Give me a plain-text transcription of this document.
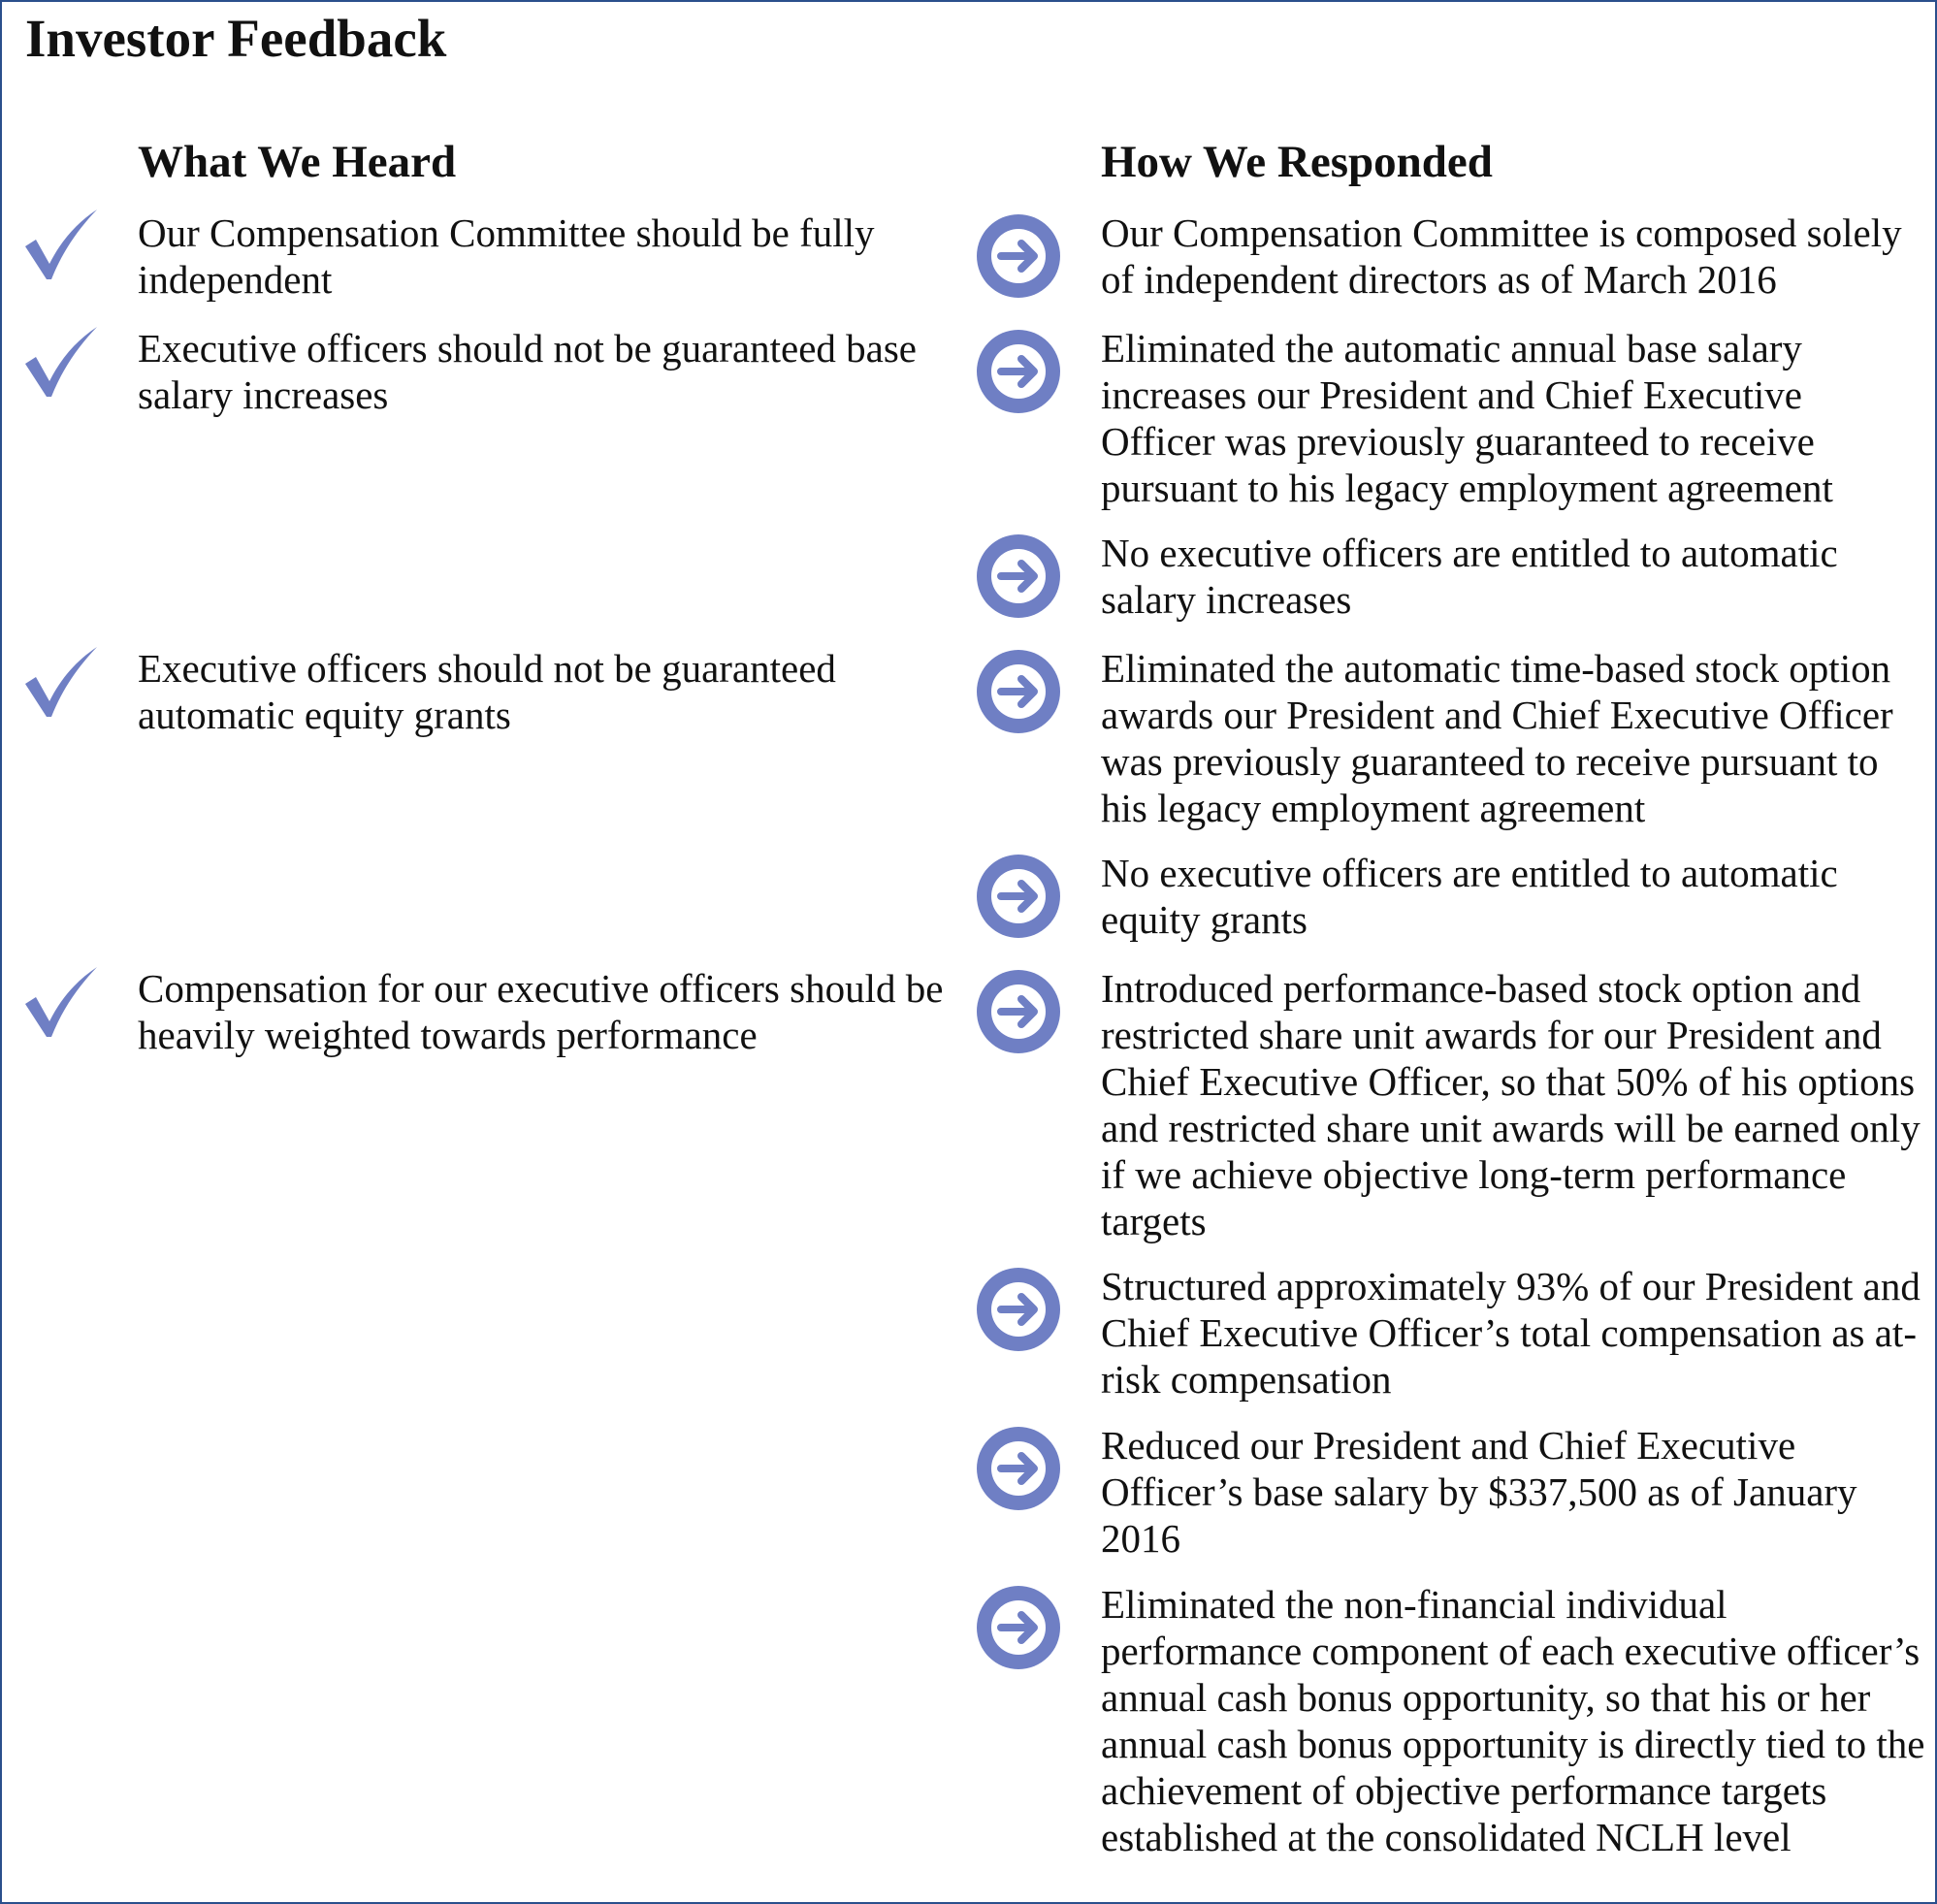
Investor Feedback
What We Heard	How We Responded
Our Compensation Committee should be fully independent
Executive officers should not be guaranteed base salary increases
Executive officers should not be guaranteed automatic equity grants
Compensation for our executive officers should be heavily weighted towards performance
Our Compensation Committee is composed solely of independent directors as of March 2016
Eliminated the automatic annual base salary increases our President and Chief Executive Officer was previously guaranteed to receive pursuant to his legacy employment agreement
No executive officers are entitled to automatic salary increases
Eliminated the automatic time-based stock option awards our President and Chief Executive Officer was previously guaranteed to receive pursuant to his legacy employment agreement
No executive officers are entitled to automatic equity grants
Introduced performance-based stock option and restricted share unit awards for our President and Chief Executive Officer, so that 50% of his options and restricted share unit awards will be earned only if we achieve objective long-term performance targets
Structured approximately 93% of our President and Chief Executive Officer’s total compensation as at-risk compensation
Reduced our President and Chief Executive Officer’s base salary by $337,500 as of January 2016
Eliminated the non-financial individual performance component of each executive officer’s annual cash bonus opportunity, so that his or her annual cash bonus opportunity is directly tied to the achievement of objective performance targets established at the consolidated NCLH level
